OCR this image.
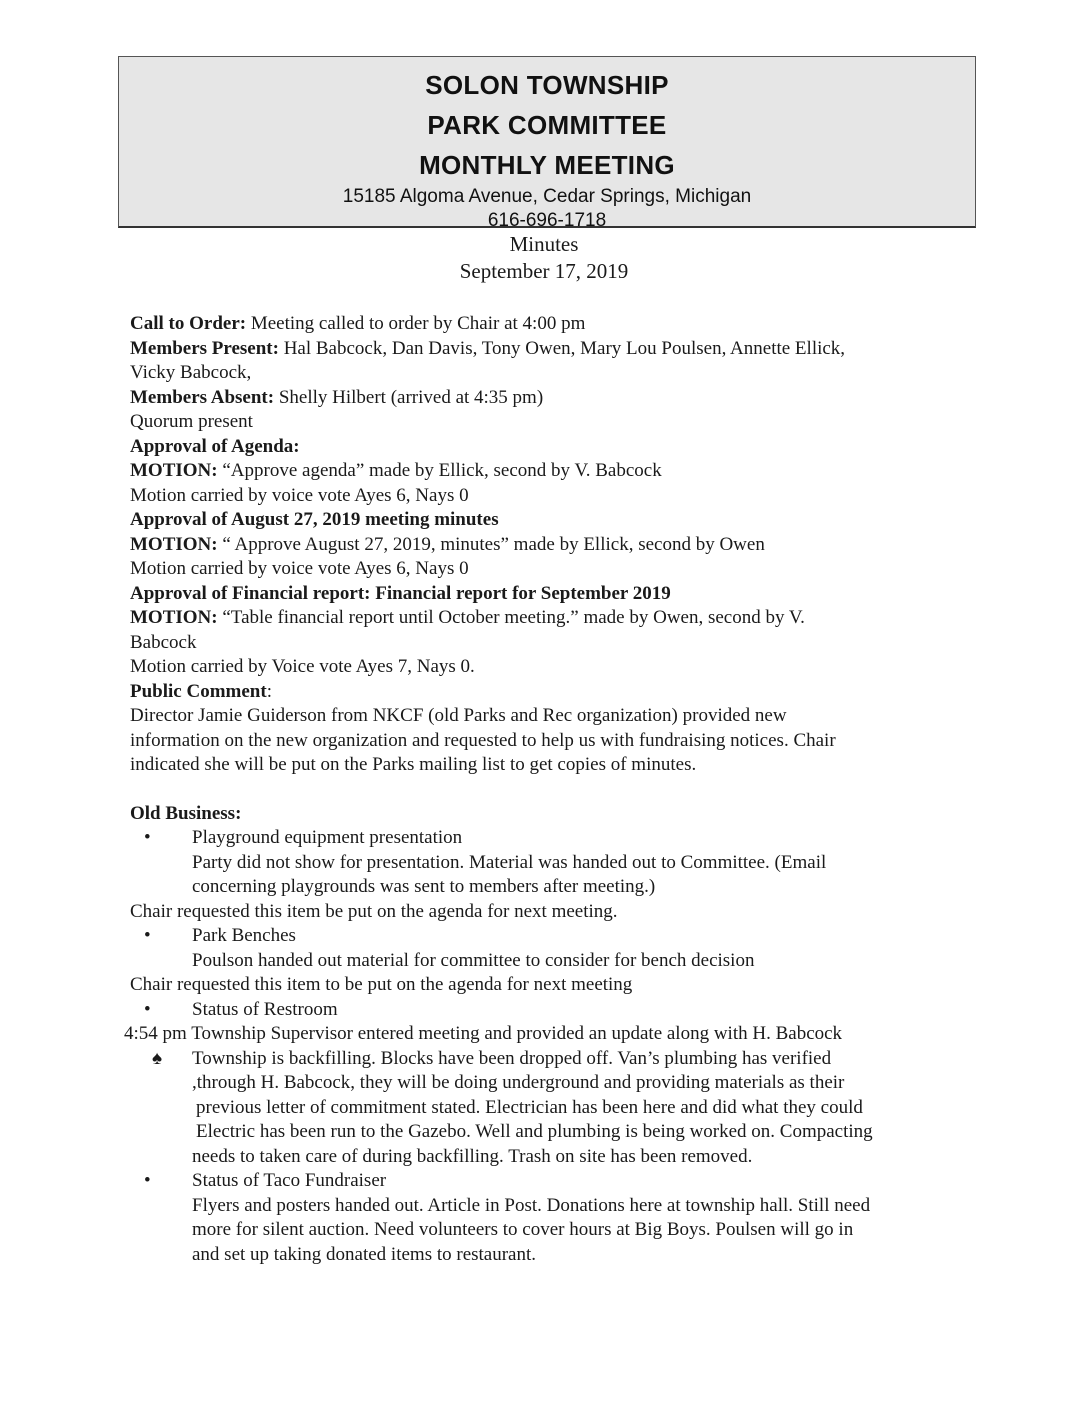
SOLON TOWNSHIP
PARK COMMITTEE
MONTHLY MEETING
15185 Algoma Avenue, Cedar Springs, Michigan
616-696-1718
Minutes
September 17, 2019

Call to Order: Meeting called to order by Chair at 4:00 pm

Members Present: Hal Babcock, Dan Davis, Tony Owen, Mary Lou Poulsen, Annette Ellick,

Vicky Babcock,

Members Absent: Shelly Hilbert (arrived at 4:35 pm)

Quorum present

Approval of Agenda:

MOTION: “Approve agenda” made by Ellick, second by V. Babcock

Motion carried by voice vote Ayes 6, Nays 0

Approval of August 27, 2019 meeting minutes

MOTION: “ Approve August 27, 2019, minutes” made by Ellick, second by Owen

Motion carried by voice vote Ayes 6, Nays 0

Approval of Financial report: Financial report for September 2019

MOTION: “Table financial report until October meeting.” made by Owen, second by V.

Babcock

Motion carried by Voice vote Ayes 7, Nays 0.

Public Comment:

Director Jamie Guiderson from NKCF (old Parks and Rec organization) provided new

information on the new organization and requested to help us with fundraising notices. Chair

indicated she will be put on the Parks mailing list to get copies of minutes.

Old Business:

• Playground equipment presentation

Party did not show for presentation. Material was handed out to Committee. (Email

concerning playgrounds was sent to members after meeting.)

Chair requested this item be put on the agenda for next meeting.

• Park Benches

Poulson handed out material for committee to consider for bench decision

Chair requested this item to be put on the agenda for next meeting

• Status of Restroom

4:54 pm Township Supervisor entered meeting and provided an update along with H. Babcock

♠ Township is backfilling. Blocks have been dropped off. Van’s plumbing has verified

,through H. Babcock, they will be doing underground and providing materials as their

previous letter of commitment stated. Electrician has been here and did what they could

Electric has been run to the Gazebo. Well and plumbing is being worked on. Compacting

needs to taken care of during backfilling. Trash on site has been removed.

• Status of Taco Fundraiser

Flyers and posters handed out. Article in Post. Donations here at township hall. Still need

more for silent auction. Need volunteers to cover hours at Big Boys. Poulsen will go in

and set up taking donated items to restaurant.
